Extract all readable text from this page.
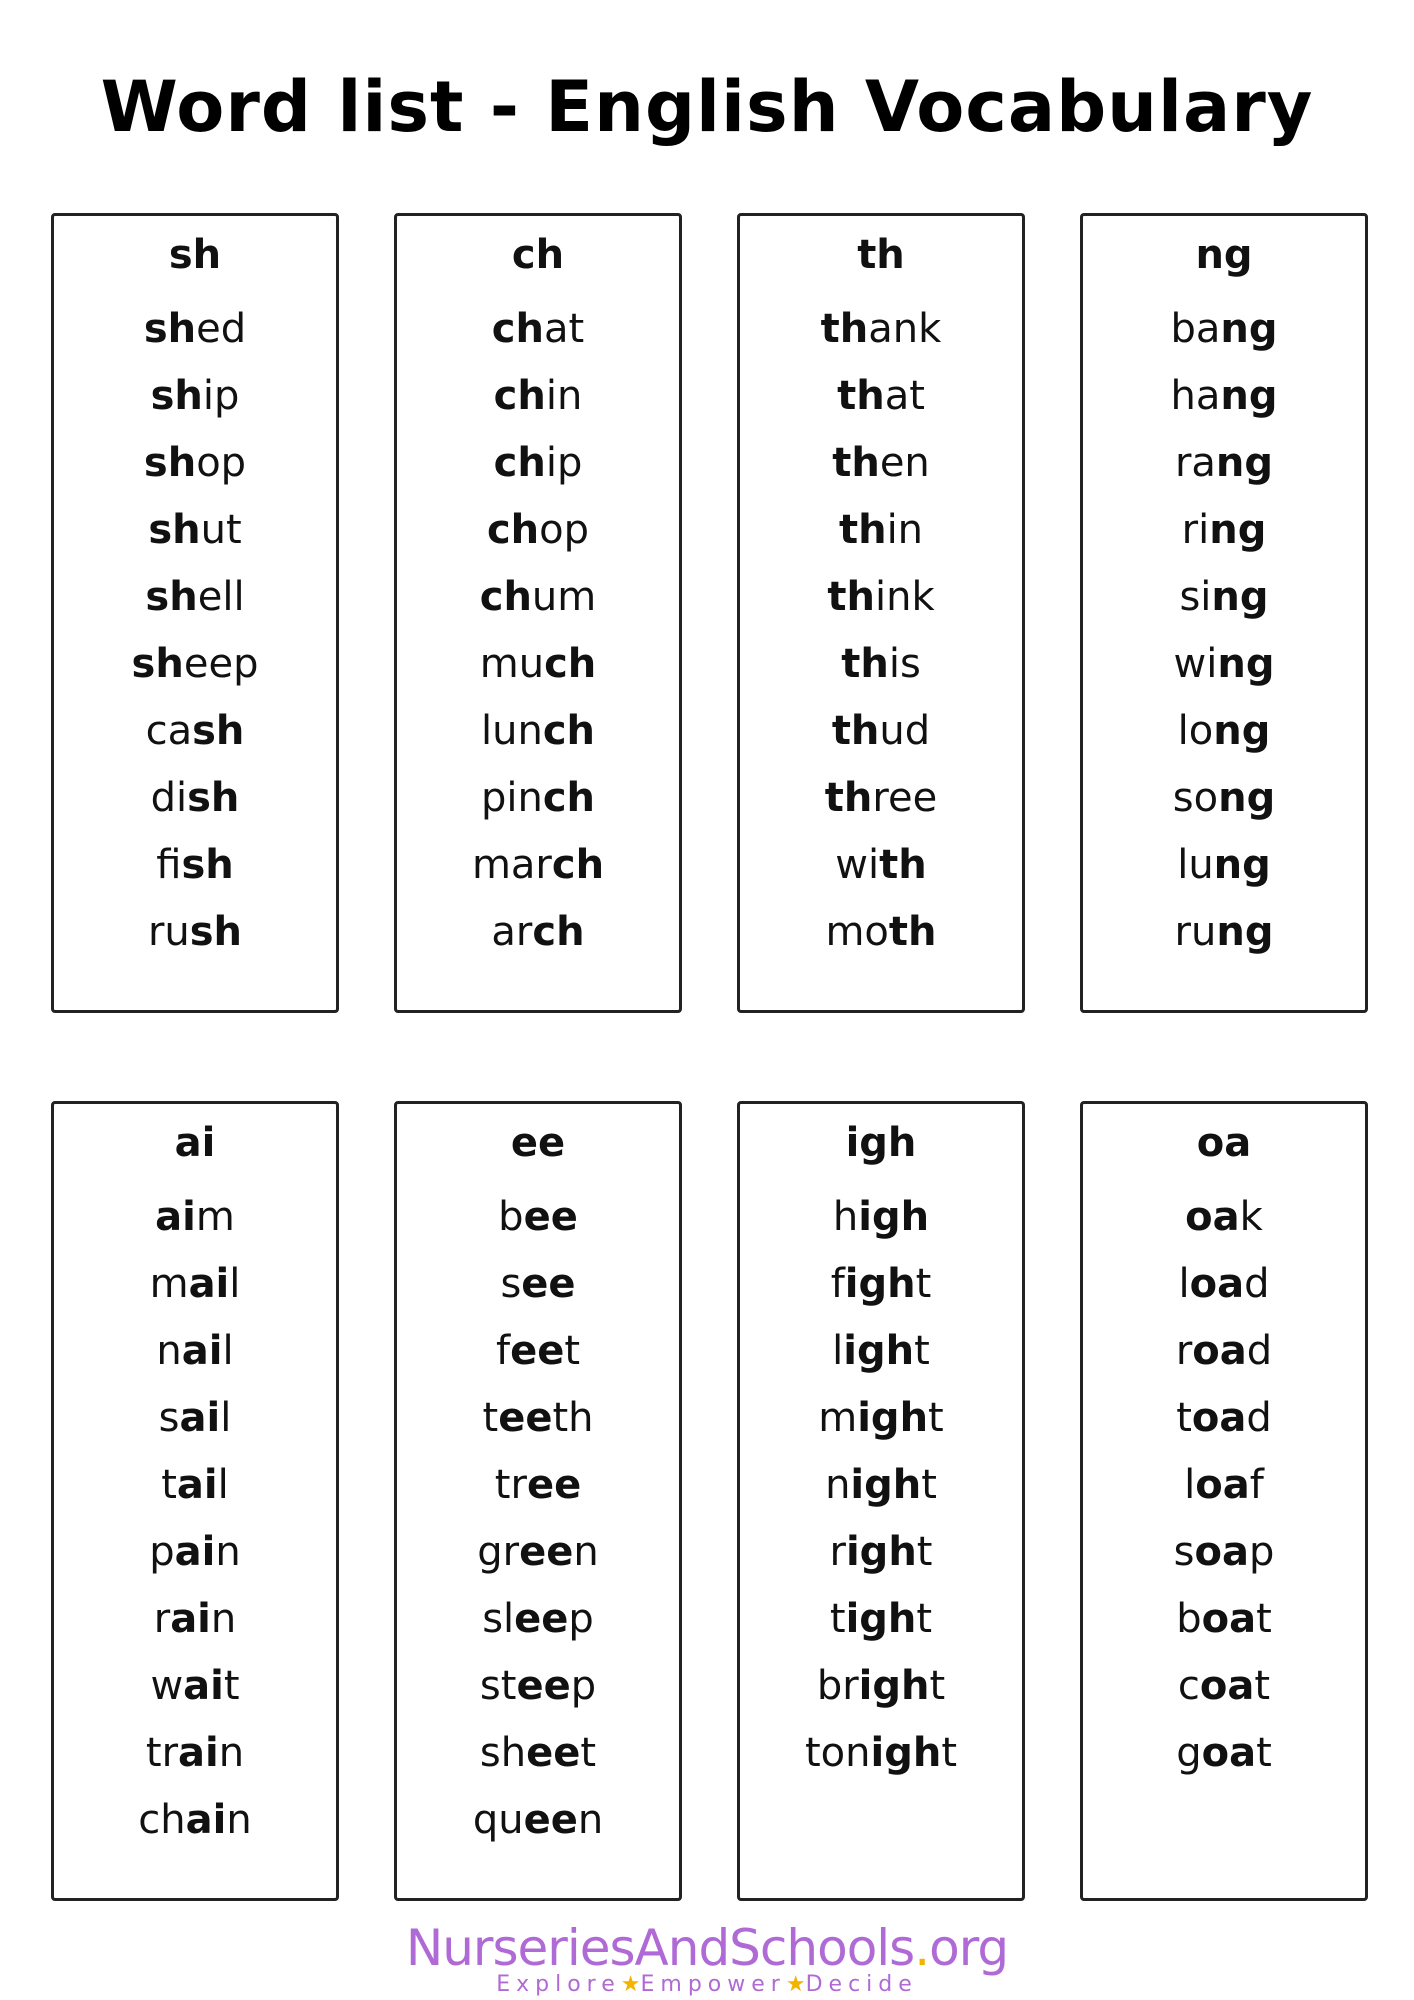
Word list - English Vocabulary
sh
shed
ship
shop
shut
shell
sheep
cash
dish
fish
rush
ch
chat
chin
chip
chop
chum
much
lunch
pinch
march
arch
th
thank
that
then
thin
think
this
thud
three
with
moth
ng
bang
hang
rang
ring
sing
wing
long
song
lung
rung
ai
aim
mail
nail
sail
tail
pain
rain
wait
train
chain
ee
bee
see
feet
teeth
tree
green
sleep
steep
sheet
queen
igh
high
fight
light
might
night
right
tight
bright
tonight
oa
oak
load
road
toad
loaf
soap
boat
coat
goat
NurseriesAndSchools.org
Explore★Empower★Decide
